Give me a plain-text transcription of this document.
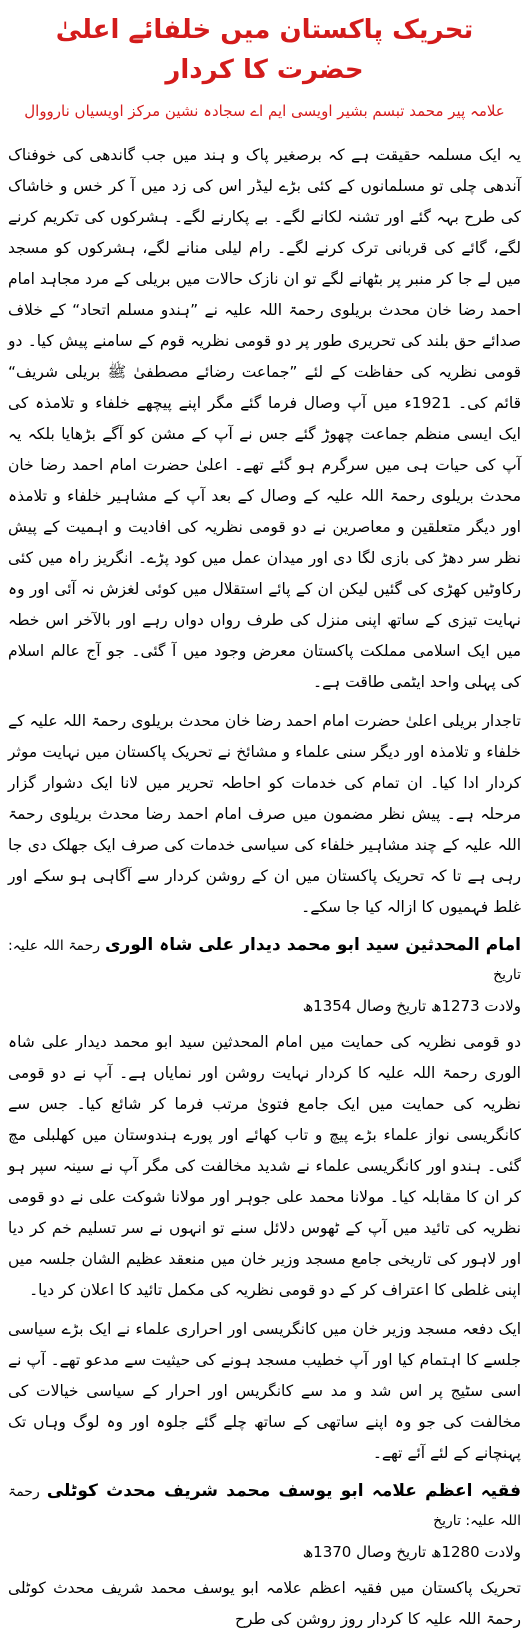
تحریک پاکستان میں خلفائے اعلیٰ حضرت کا کردار
علامہ پیر محمد تبسم بشیر اویسی ایم اے سجادہ نشین مرکز اویسیاں نارووال

یہ ایک مسلمہ حقیقت ہے کہ برصغیر پاک و ہند میں جب گاندھی کی خوفناک آندھی چلی تو مسلمانوں کے کئی بڑے لیڈر اس کی زد میں آ کر خس و خاشاک کی طرح بہہ گئے اور تشنہ لکانے لگے۔ بے پکارنے لگے۔ ہشرکوں کی تکریم کرنے لگے، گائے کی قربانی ترک کرنے لگے۔ رام لیلی منانے لگے، ہشرکوں کو مسجد میں لے جا کر منبر پر بٹھانے لگے تو ان نازک حالات میں بریلی کے مرد مجاہد امام احمد رضا خان محدث بریلوی رحمۃ اللہ علیہ نے ”ہندو مسلم اتحاد“ کے خلاف صدائے حق بلند کی تحریری طور پر دو قومی نظریہ قوم کے سامنے پیش کیا۔ دو قومی نظریہ کی حفاظت کے لئے ”جماعت رضائے مصطفیٰ ﷺ بریلی شریف“ قائم کی۔ 1921ء میں آپ وصال فرما گئے مگر اپنے پیچھے خلفاء و تلامذہ کی ایک ایسی منظم جماعت چھوڑ گئے جس نے آپ کے مشن کو آگے بڑھایا بلکہ یہ آپ کی حیات ہی میں سرگرم ہو گئے تھے۔ اعلیٰ حضرت امام احمد رضا خان محدث بریلوی رحمۃ اللہ علیہ کے وصال کے بعد آپ کے مشاہیر خلفاء و تلامذہ اور دیگر متعلقین و معاصرین نے دو قومی نظریہ کی افادیت و اہمیت کے پیش نظر سر دھڑ کی بازی لگا دی اور میدان عمل میں کود پڑے۔ انگریز راہ میں کئی رکاوٹیں کھڑی کی گئیں لیکن ان کے پائے استقلال میں کوئی لغزش نہ آئی اور وہ نہایت تیزی کے ساتھ اپنی منزل کی طرف رواں دواں رہے اور بالآخر اس خطہ میں ایک اسلامی مملکت پاکستان معرض وجود میں آ گئی۔ جو آج عالم اسلام کی پہلی واحد ایٹمی طاقت ہے۔

تاجدار بریلی اعلیٰ حضرت امام احمد رضا خان محدث بریلوی رحمۃ اللہ علیہ کے خلفاء و تلامذہ اور دیگر سنی علماء و مشائخ نے تحریک پاکستان میں نہایت موثر کردار ادا کیا۔ ان تمام کی خدمات کو احاطہ تحریر میں لانا ایک دشوار گزار مرحلہ ہے۔ پیش نظر مضمون میں صرف امام احمد رضا محدث بریلوی رحمۃ اللہ علیہ کے چند مشاہیر خلفاء کی سیاسی خدمات کی صرف ایک جھلک دی جا رہی ہے تا کہ تحریک پاکستان میں ان کے روشن کردار سے آگاہی ہو سکے اور غلط فہمیوں کا ازالہ کیا جا سکے۔

امام المحدثین سید ابو محمد دیدار علی شاہ الوری رحمۃ اللہ علیہ: تاریخ
ولادت 1273ھ تاریخ وصال 1354ھ

دو قومی نظریہ کی حمایت میں امام المحدثین سید ابو محمد دیدار علی شاہ الوری رحمۃ اللہ علیہ کا کردار نہایت روشن اور نمایاں ہے۔ آپ نے دو قومی نظریہ کی حمایت میں ایک جامع فتویٰ مرتب فرما کر شائع کیا۔ جس سے کانگریسی نواز علماء بڑے پیچ و تاب کھائے اور پورے ہندوستان میں کھلبلی مچ گئی۔ ہندو اور کانگریسی علماء نے شدید مخالفت کی مگر آپ نے سینہ سپر ہو کر ان کا مقابلہ کیا۔ مولانا محمد علی جوہر اور مولانا شوکت علی نے دو قومی نظریہ کی تائید میں آپ کے ٹھوس دلائل سنے تو انہوں نے سر تسلیم خم کر دیا اور لاہور کی تاریخی جامع مسجد وزیر خان میں منعقد عظیم الشان جلسہ میں اپنی غلطی کا اعتراف کر کے دو قومی نظریہ کی مکمل تائید کا اعلان کر دیا۔

ایک دفعہ مسجد وزیر خان میں کانگریسی اور احراری علماء نے ایک بڑے سیاسی جلسے کا اہتمام کیا اور آپ خطیب مسجد ہونے کی حیثیت سے مدعو تھے۔ آپ نے اسی سٹیج پر اس شد و مد سے کانگریس اور احرار کے سیاسی خیالات کی مخالفت کی جو وہ اپنے ساتھی کے ساتھ چلے گئے جلوہ اور وہ لوگ وہاں تک پہنچانے کے لئے آئے تھے۔

فقیہ اعظم علامہ ابو یوسف محمد شریف محدث کوٹلی رحمۃ اللہ علیہ: تاریخ
ولادت 1280ھ تاریخ وصال 1370ھ

تحریک پاکستان میں فقیہ اعظم علامہ ابو یوسف محمد شریف محدث کوٹلی رحمۃ اللہ علیہ کا کردار روز روشن کی طرح
